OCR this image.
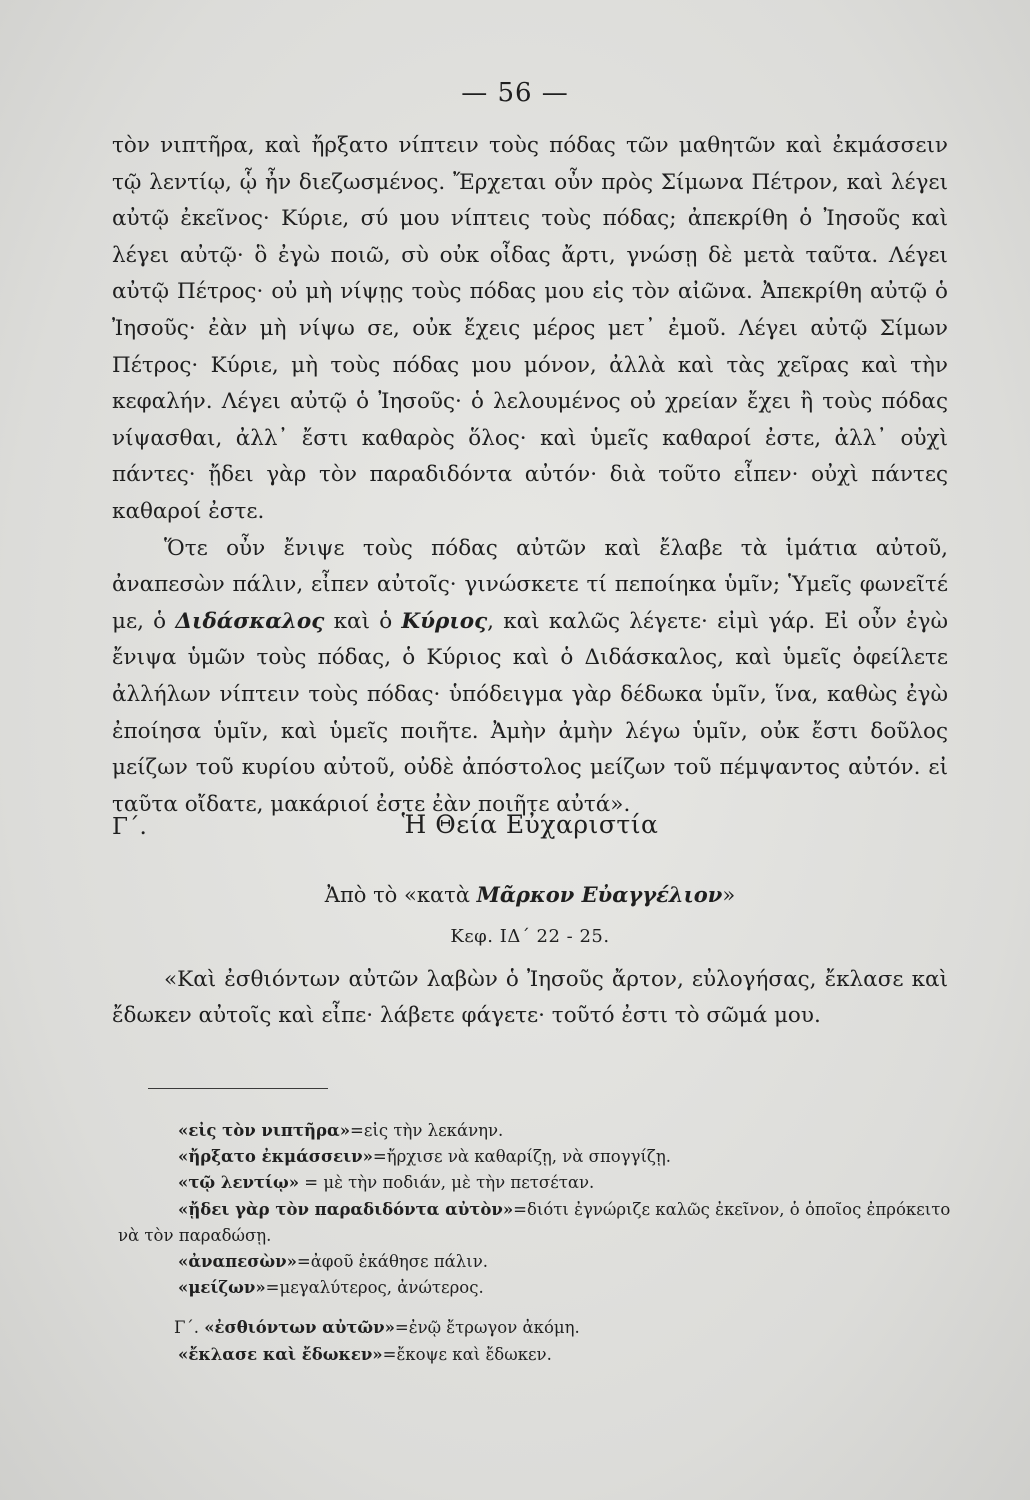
— 56 —

τὸν νιπτῆρα, καὶ ἤρξατο νίπτειν τοὺς πόδας τῶν μαθητῶν καὶ ἐκμάσσειν τῷ λεντίῳ, ᾧ ἦν διεζωσμένος. Ἔρχεται οὖν πρὸς Σίμωνα Πέτρον, καὶ λέγει αὐτῷ ἐκεῖνος· Κύριε, σύ μου νίπτεις τοὺς πόδας; ἀπεκρίθη ὁ Ἰησοῦς καὶ λέγει αὐτῷ· ὃ ἐγὼ ποιῶ, σὺ οὐκ οἶδας ἄρτι, γνώσῃ δὲ μετὰ ταῦτα. Λέγει αὐτῷ Πέτρος· οὐ μὴ νίψῃς τοὺς πόδας μου εἰς τὸν αἰῶνα. Ἀπεκρίθη αὐτῷ ὁ Ἰησοῦς· ἐὰν μὴ νίψω σε, οὐκ ἔχεις μέρος μετ᾽ ἐμοῦ. Λέγει αὐτῷ Σίμων Πέτρος· Κύριε, μὴ τοὺς πόδας μου μόνον, ἀλλὰ καὶ τὰς χεῖρας καὶ τὴν κεφαλήν. Λέγει αὐτῷ ὁ Ἰησοῦς· ὁ λελουμένος οὐ χρείαν ἔχει ἢ τοὺς πόδας νίψασθαι, ἀλλ᾽ ἔστι καθαρὸς ὅλος· καὶ ὑμεῖς καθαροί ἐστε, ἀλλ᾽ οὐχὶ πάντες· ᾔδει γὰρ τὸν παραδιδόντα αὐτόν· διὰ τοῦτο εἶπεν· οὐχὶ πάντες καθαροί ἐστε.

Ὅτε οὖν ἔνιψε τοὺς πόδας αὐτῶν καὶ ἔλαβε τὰ ἱμάτια αὐτοῦ, ἀναπεσὼν πάλιν, εἶπεν αὐτοῖς· γινώσκετε τί πεποίηκα ὑμῖν; Ὑμεῖς φωνεῖτέ με, ὁ Διδάσκαλος καὶ ὁ Κύριος, καὶ καλῶς λέγετε· εἰμὶ γάρ. Εἰ οὖν ἐγὼ ἔνιψα ὑμῶν τοὺς πόδας, ὁ Κύριος καὶ ὁ Διδάσκαλος, καὶ ὑμεῖς ὀφείλετε ἀλλήλων νίπτειν τοὺς πόδας· ὑπόδειγμα γὰρ δέδωκα ὑμῖν, ἵνα, καθὼς ἐγὼ ἐποίησα ὑμῖν, καὶ ὑμεῖς ποιῆτε. Ἀμὴν ἀμὴν λέγω ὑμῖν, οὐκ ἔστι δοῦλος μείζων τοῦ κυρίου αὐτοῦ, οὐδὲ ἀπόστολος μείζων τοῦ πέμψαντος αὐτόν. εἰ ταῦτα οἴδατε, μακάριοί ἐστε ἐὰν ποιῆτε αὐτά».

Γ΄.	Ἡ Θεία Εὐχαριστία
Ἀπὸ τὸ «κατὰ Μᾶρκον Εὐαγγέλιον»
Κεφ. ΙΔ΄ 22 - 25.

«Καὶ ἐσθιόντων αὐτῶν λαβὼν ὁ Ἰησοῦς ἄρτον, εὐλογήσας, ἔκλασε καὶ ἔδωκεν αὐτοῖς καὶ εἶπε· λάβετε φάγετε· τοῦτό ἐστι τὸ σῶμά μου.

«εἰς τὸν νιπτῆρα»=εἰς τὴν λεκάνην.

«ἤρξατο ἐκμάσσειν»=ἤρχισε νὰ καθαρίζῃ, νὰ σπογγίζῃ.

«τῷ λεντίῳ» = μὲ τὴν ποδιάν, μὲ τὴν πετσέταν.

«ᾔδει γὰρ τὸν παραδιδόντα αὐτὸν»=διότι ἐγνώριζε καλῶς ἐκεῖνον, ὁ ὁποῖος ἐπρόκειτο νὰ τὸν παραδώσῃ.

«ἀναπεσὼν»=ἀφοῦ ἐκάθησε πάλιν.

«μείζων»=μεγαλύτερος, ἀνώτερος.

Γ΄. «ἐσθιόντων αὐτῶν»=ἐνῷ ἔτρωγον ἀκόμη.

«ἔκλασε καὶ ἔδωκεν»=ἔκοψε καὶ ἔδωκεν.
